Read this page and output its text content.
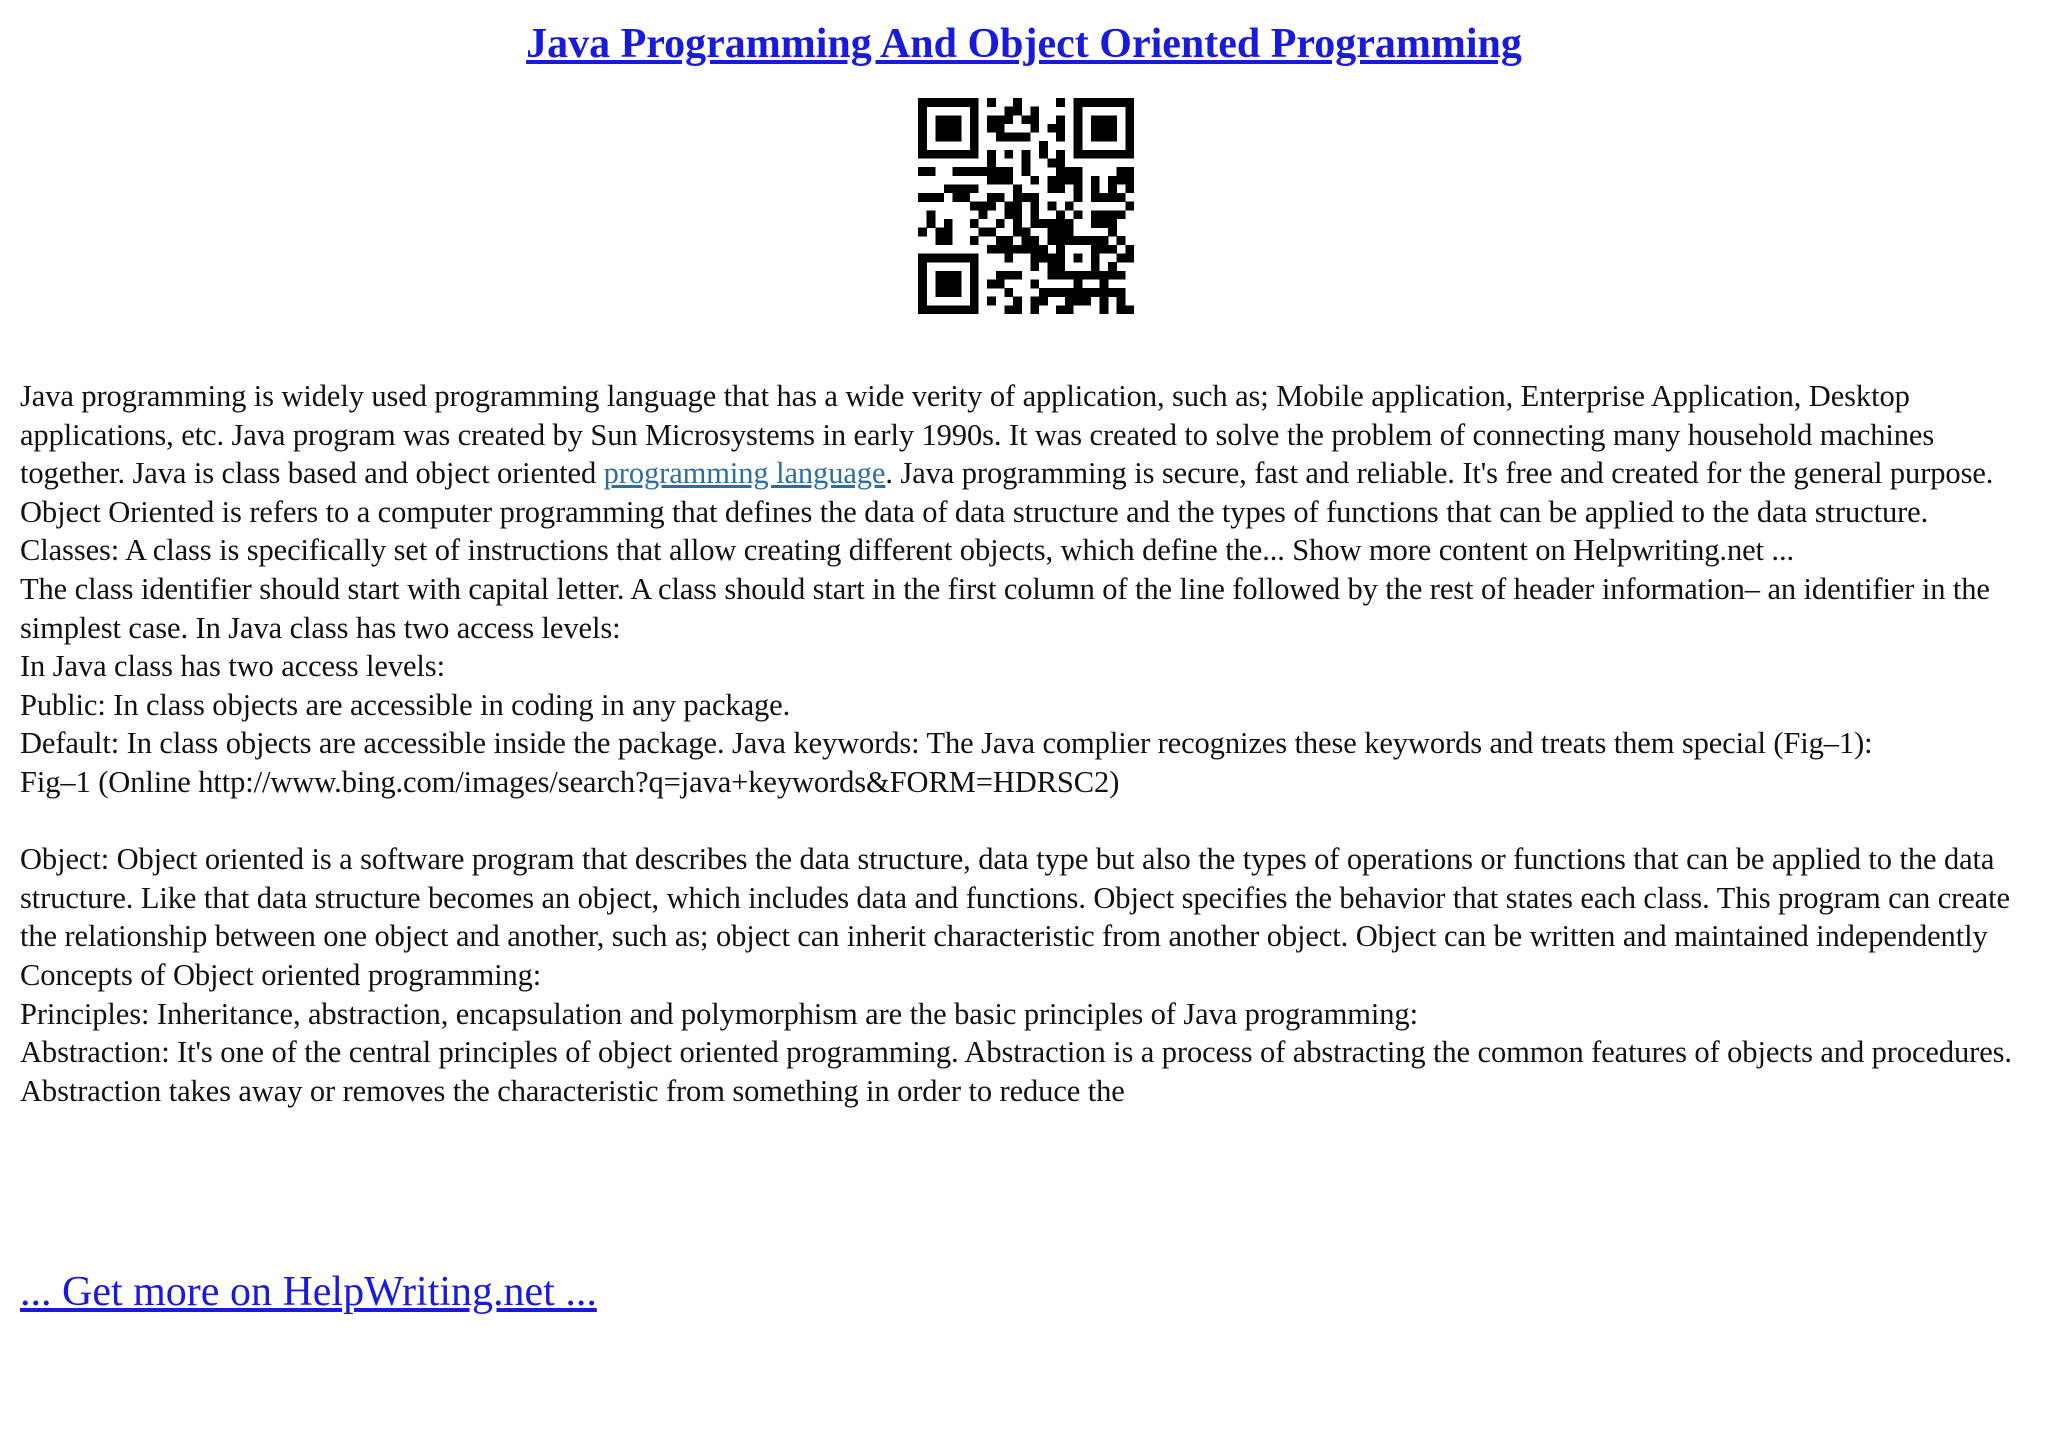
Java Programming And Object Oriented Programming

Java programming is widely used programming language that has a wide verity of application, such as; Mobile application, Enterprise Application, Desktop applications, etc. Java program was created by Sun Microsystems in early 1990s. It was created to solve the problem of connecting many household machines together. Java is class based and object oriented programming language. Java programming is secure, fast and reliable. It's free and created for the general purpose.

Object Oriented is refers to a computer programming that defines the data of data structure and the types of functions that can be applied to the data structure.

Classes: A class is specifically set of instructions that allow creating different objects, which define the... Show more content on Helpwriting.net ...

The class identifier should start with capital letter. A class should start in the first column of the line followed by the rest of header information– an identifier in the simplest case. In Java class has two access levels:

In Java class has two access levels:

Public: In class objects are accessible in coding in any package.

Default: In class objects are accessible inside the package. Java keywords: The Java complier recognizes these keywords and treats them special (Fig–1):

Fig–1 (Online http://www.bing.com/images/search?q=java+keywords&FORM=HDRSC2)

Object: Object oriented is a software program that describes the data structure, data type but also the types of operations or functions that can be applied to the data structure. Like that data structure becomes an object, which includes data and functions. Object specifies the behavior that states each class. This program can create the relationship between one object and another, such as; object can inherit characteristic from another object. Object can be written and maintained independently Concepts of Object oriented programming:

Principles: Inheritance, abstraction, encapsulation and polymorphism are the basic principles of Java programming:

Abstraction: It's one of the central principles of object oriented programming. Abstraction is a process of abstracting the common features of objects and procedures. Abstraction takes away or removes the characteristic from something in order to reduce the

... Get more on HelpWriting.net ...
